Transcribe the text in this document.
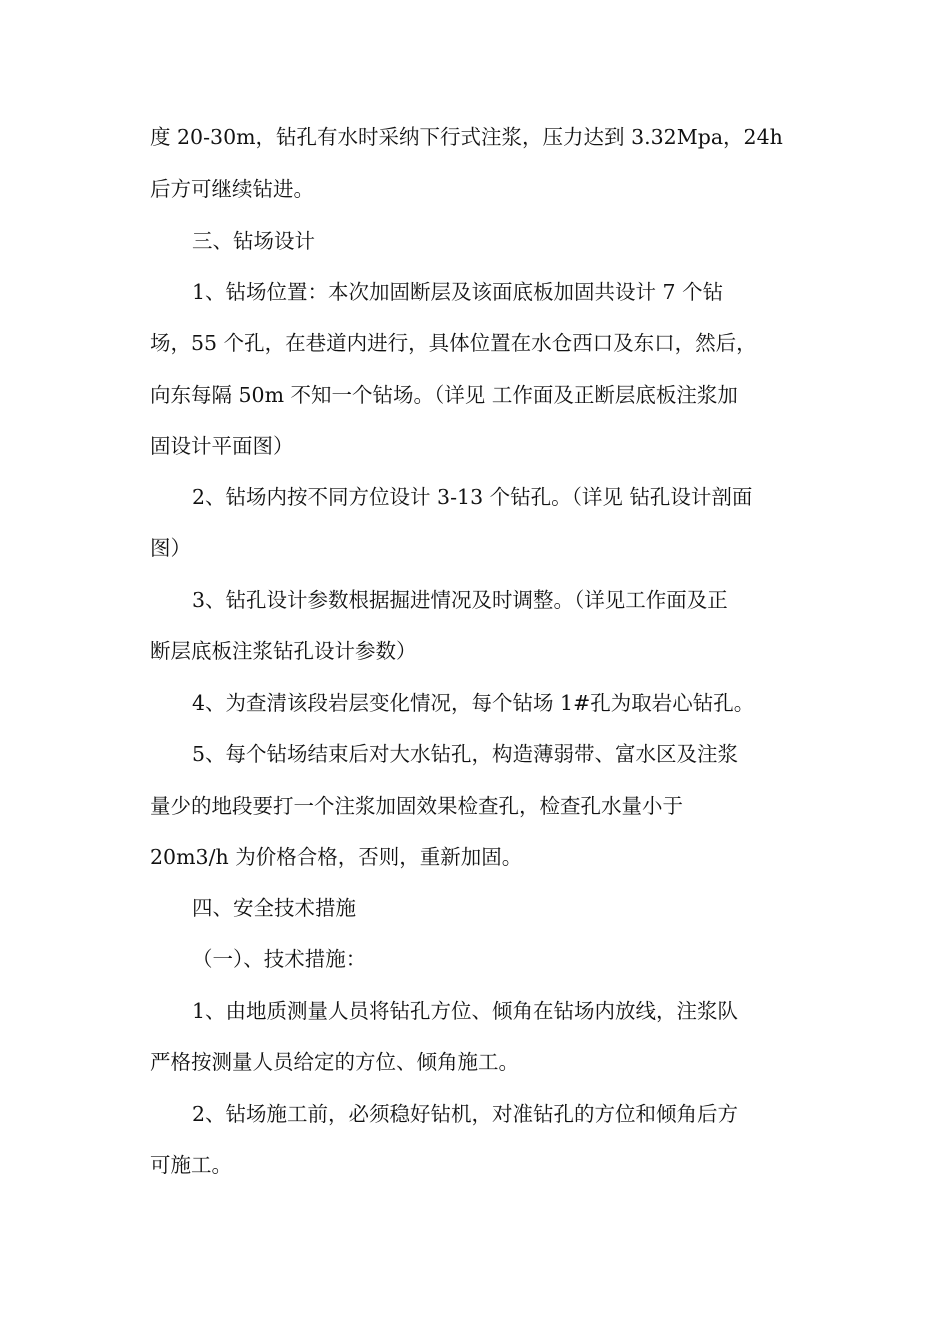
度 20-30m，钻孔有水时采纳下行式注浆，压力达到 3.32Mpa，24h

后方可继续钻进。

三、钻场设计

1、钻场位置：本次加固断层及该面底板加固共设计 7 个钻

场，55 个孔，在巷道内进行，具体位置在水仓西口及东口，然后，

向东每隔 50m 不知一个钻场。（详见 工作面及正断层底板注浆加

固设计平面图）

2、钻场内按不同方位设计 3-13 个钻孔。（详见 钻孔设计剖面

图）

3、钻孔设计参数根据掘进情况及时调整。（详见工作面及正

断层底板注浆钻孔设计参数）

4、为查清该段岩层变化情况，每个钻场 1#孔为取岩心钻孔。

5、每个钻场结束后对大水钻孔，构造薄弱带、富水区及注浆

量少的地段要打一个注浆加固效果检查孔，检查孔水量小于

20m3/h 为价格合格，否则，重新加固。

四、安全技术措施

（一）、技术措施：

1、由地质测量人员将钻孔方位、倾角在钻场内放线，注浆队

严格按测量人员给定的方位、倾角施工。

2、钻场施工前，必须稳好钻机，对准钻孔的方位和倾角后方

可施工。
